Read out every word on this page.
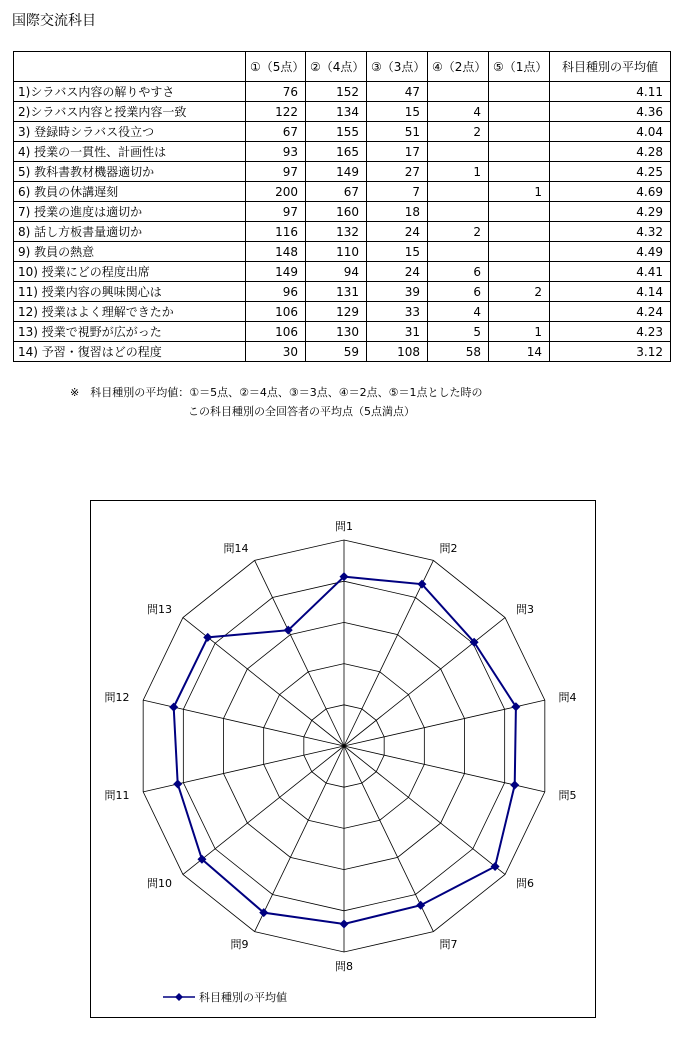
国際交流科目
	①（5点）	②（4点）	③（3点）	④（2点）	⑤（1点）	科目種別の平均値
1)シラバス内容の解りやすさ	76	152	47			4.11
2)シラバス内容と授業内容一致	122	134	15	4		4.36
3) 登録時シラバス役立つ	67	155	51	2		4.04
4) 授業の一貫性、計画性は	93	165	17			4.28
5) 教科書教材機器適切か	97	149	27	1		4.25
6) 教員の休講遅刻	200	67	7		1	4.69
7) 授業の進度は適切か	97	160	18			4.29
8) 話し方板書量適切か	116	132	24	2		4.32
9) 教員の熱意	148	110	15			4.49
10) 授業にどの程度出席	149	94	24	6		4.41
11) 授業内容の興味関心は	96	131	39	6	2	4.14
12) 授業はよく理解できたか	106	129	33	4		4.24
13) 授業で視野が広がった	106	130	31	5	1	4.23
14) 予習・復習はどの程度	30	59	108	58	14	3.12
※　科目種別の平均値：①＝5点、②＝4点、③＝3点、④＝2点、⑤＝1点とした時の
この科目種別の全回答者の平均点（5点満点）
問1
問2
問3
問4
問5
問6
問7
問8
問9
問10
問11
問12
問13
問14
科目種別の平均値
